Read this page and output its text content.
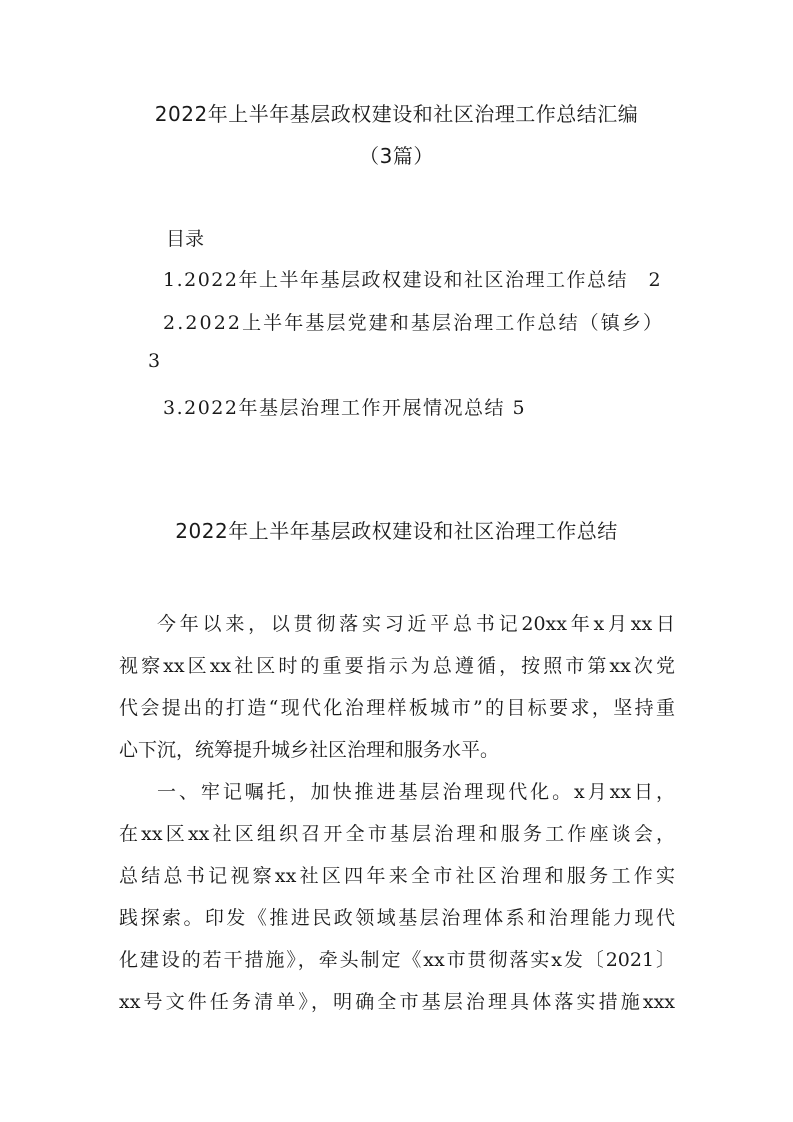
2022年上半年基层政权建设和社区治理工作总结汇编
（3篇）
目录
1.2022年上半年基层政权建设和社区治理工作总结　2
2.2022上半年基层党建和基层治理工作总结（镇乡）
3
3.2022年基层治理工作开展情况总结 5
2022年上半年基层政权建设和社区治理工作总结
今年以来，以贯彻落实习近平总书记20xx年x月xx日
视察xx区xx社区时的重要指示为总遵循，按照市第xx次党
代会提出的打造“现代化治理样板城市”的目标要求，坚持重
心下沉，统筹提升城乡社区治理和服务水平。
一、牢记嘱托，加快推进基层治理现代化。x月xx日，
在xx区xx社区组织召开全市基层治理和服务工作座谈会，
总结总书记视察xx社区四年来全市社区治理和服务工作实
践探索。印发《推进民政领域基层治理体系和治理能力现代
化建设的若干措施》，牵头制定《xx市贯彻落实x发〔2021〕
xx号文件任务清单》，明确全市基层治理具体落实措施xxx
